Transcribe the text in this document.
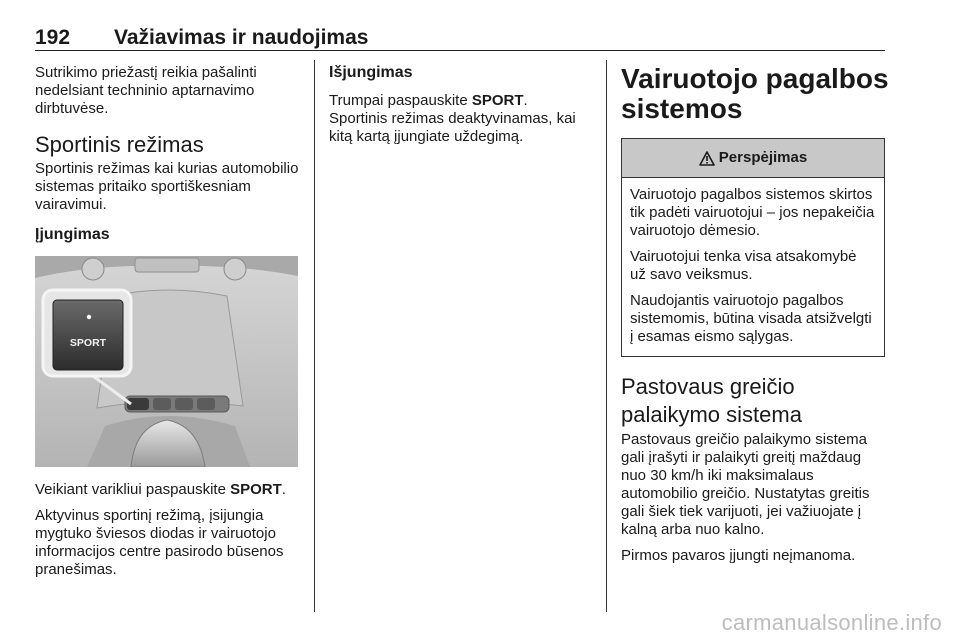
192 Važiavimas ir naudojimas

Sutrikimo priežastį reikia pašalinti nedelsiant techninio aptarnavimo dirbtuvėse.

Sportinis režimas

Sportinis režimas kai kurias automobilio sistemas pritaiko sportiškesniam vairavimui.

Įjungimas
SPORT

Veikiant varikliui paspauskite SPORT.

Aktyvinus sportinį režimą, įsijungia mygtuko šviesos diodas ir vairuotojo informacijos centre pasirodo būsenos pranešimas.

Išjungimas

Trumpai paspauskite SPORT.

Sportinis režimas deaktyvinamas, kai kitą kartą įjungiate uždegimą.

Vairuotojo pagalbos sistemos
Perspėjimas

Vairuotojo pagalbos sistemos skirtos tik padėti vairuotojui – jos nepakeičia vairuotojo dėmesio.

Vairuotojui tenka visa atsakomybė už savo veiksmus.

Naudojantis vairuotojo pagalbos sistemomis, būtina visada atsižvelgti į esamas eismo sąlygas.

Pastovaus greičio palaikymo sistema

Pastovaus greičio palaikymo sistema gali įrašyti ir palaikyti greitį maždaug nuo 30 km/h iki maksimalaus automobilio greičio. Nustatytas greitis gali šiek tiek varijuoti, jei važiuojate į kalną arba nuo kalno.

Pirmos pavaros įjungti neįmanoma.

carmanualsonline.info
